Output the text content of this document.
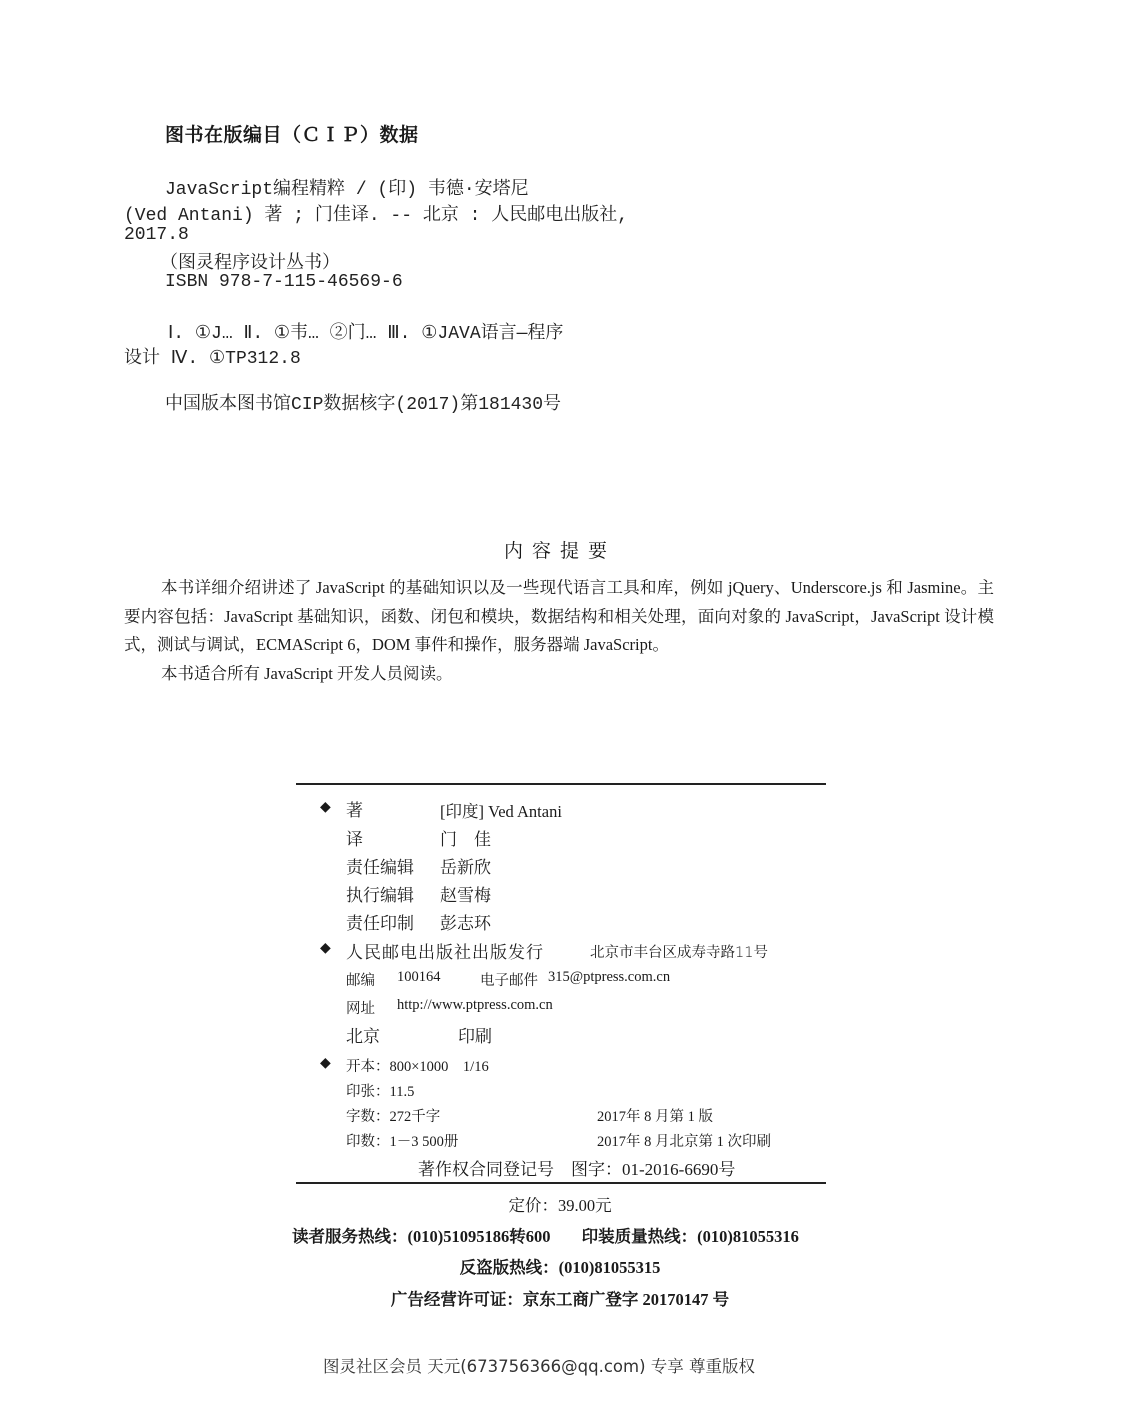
图书在版编目（ＣＩＰ）数据
JavaScript编程精粹 / (印) 韦德·安塔尼
(Ved Antani) 著 ; 门佳译. -- 北京 : 人民邮电出版社,
2017.8
（图灵程序设计丛书）
ISBN 978-7-115-46569-6
Ⅰ. ①J… Ⅱ. ①韦… ②门… Ⅲ. ①JAVA语言—程序
设计 Ⅳ. ①TP312.8
中国版本图书馆CIP数据核字(2017)第181430号
内容提要
本书详细介绍讲述了 JavaScript 的基础知识以及一些现代语言工具和库，例如 jQuery、Underscore.js 和 Jasmine。主要内容包括：JavaScript 基础知识，函数、闭包和模块，数据结构和相关处理，面向对象的 JavaScript，JavaScript 设计模式，测试与调试，ECMAScript 6，DOM 事件和操作，服务器端 JavaScript。
本书适合所有 JavaScript 开发人员阅读。
◆ 著	[印度] Ved Antani
译	门　佳
责任编辑 岳新欣
执行编辑 赵雪梅
责任印制 彭志环
◆ 人民邮电出版社出版发行	北京市丰台区成寿寺路11号
邮编 100164	电子邮件 315@ptpress.com.cn
网址 http://www.ptpress.com.cn
北京	印刷
◆ 开本：800×1000　1/16
印张：11.5
字数：272千字	2017年 8 月第 1 版
印数：1－3 500册	2017年 8 月北京第 1 次印刷
著作权合同登记号　图字：01-2016-6690号
定价：39.00元
读者服务热线：(010)51095186转600 印装质量热线：(010)81055316
反盗版热线：(010)81055315
广告经营许可证：京东工商广登字 20170147 号
图灵社区会员 天元(673756366@qq.com) 专享 尊重版权
